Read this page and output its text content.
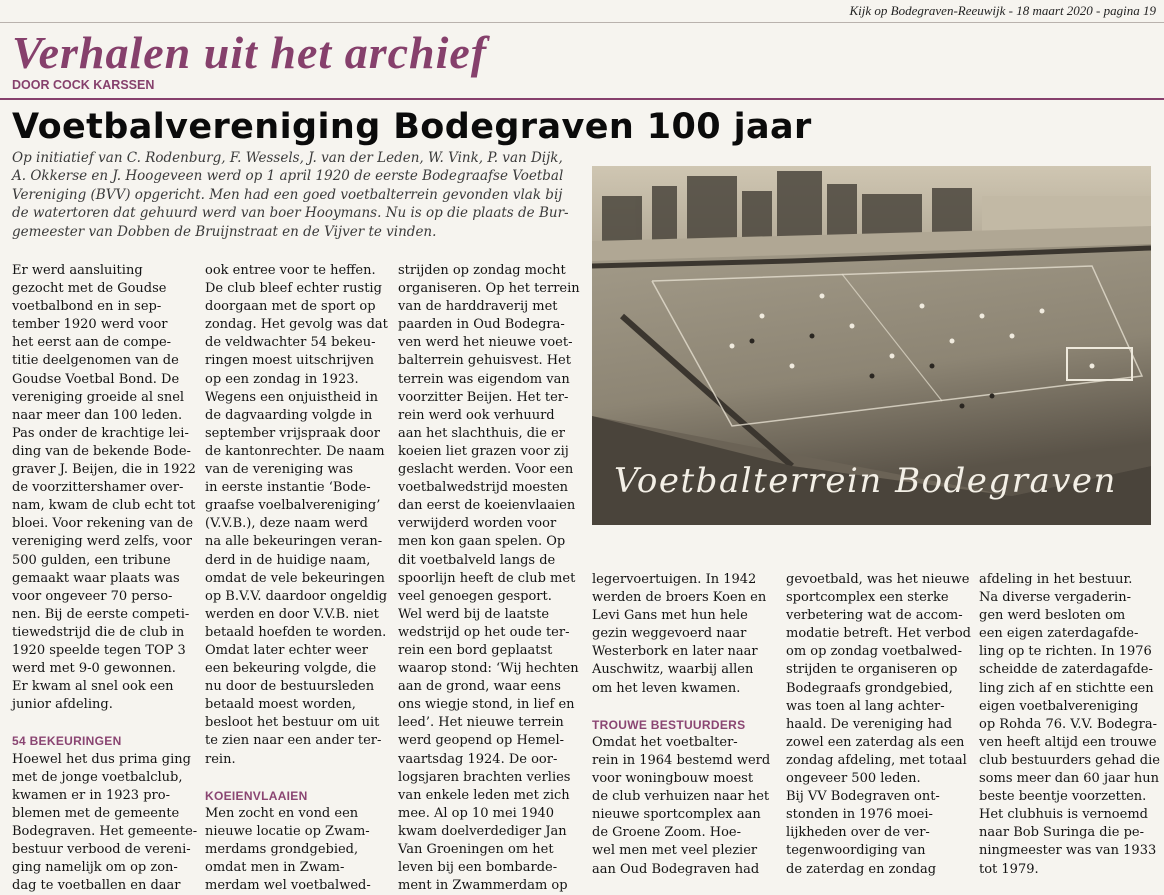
Kijk op Bodegraven-Reeuwijk - 18 maart 2020 - pagina 19
Verhalen uit het archief
DOOR COCK KARSSEN
Voetbalvereniging Bodegraven 100 jaar
Op initiatief van C. Rodenburg, F. Wessels, J. van der Leden, W. Vink, P. van Dijk,
A. Okkerse en J. Hoogeveen werd op 1 april 1920 de eerste Bodegraafse Voetbal
Vereniging (BVV) opgericht. Men had een goed voetbalterrein gevonden vlak bij
de watertoren dat gehuurd werd van boer Hooymans. Nu is op die plaats de Bur-
gemeester van Dobben de Bruijnstraat en de Vijver te vinden.
Voetbalterrein Bodegraven
Er werd aansluiting
gezocht met de Goudse
voetbalbond en in sep-
tember 1920 werd voor
het eerst aan de compe-
titie deelgenomen van de
Goudse Voetbal Bond. De
vereniging groeide al snel
naar meer dan 100 leden.
Pas onder de krachtige lei-
ding van de bekende Bode-
graver J. Beijen, die in 1922
de voorzittershamer over-
nam, kwam de club echt tot
bloei. Voor rekening van de
vereniging werd zelfs, voor
500 gulden, een tribune
gemaakt waar plaats was
voor ongeveer 70 perso-
nen. Bij de eerste competi-
tiewedstrijd die de club in
1920 speelde tegen TOP 3
werd met 9-0 gewonnen.
Er kwam al snel ook een
junior afdeling.

54 BEKEURINGEN
Hoewel het dus prima ging
met de jonge voetbalclub,
kwamen er in 1923 pro-
blemen met de gemeente
Bodegraven. Het gemeente-
bestuur verbood de vereni-
ging namelijk om op zon-
dag te voetballen en daar
ook entree voor te heffen.
De club bleef echter rustig
doorgaan met de sport op
zondag. Het gevolg was dat
de veldwachter 54 bekeu-
ringen moest uitschrijven
op een zondag in 1923.
Wegens een onjuistheid in
de dagvaarding volgde in
september vrijspraak door
de kantonrechter. De naam
van de vereniging was
in eerste instantie ‘Bode-
graafse voelbalvereniging’
(V.V.B.), deze naam werd
na alle bekeuringen veran-
derd in de huidige naam,
omdat de vele bekeuringen
op B.V.V. daardoor ongeldig
werden en door V.V.B. niet
betaald hoefden te worden.
Omdat later echter weer
een bekeuring volgde, die
nu door de bestuursleden
betaald moest worden,
besloot het bestuur om uit
te zien naar een ander ter-
rein.

KOEIENVLAAIEN
Men zocht en vond een
nieuwe locatie op Zwam-
merdams grondgebied,
omdat men in Zwam-
merdam wel voetbalwed-
strijden op zondag mocht
organiseren. Op het terrein
van de harddraverij met
paarden in Oud Bodegra-
ven werd het nieuwe voet-
balterrein gehuisvest. Het
terrein was eigendom van
voorzitter Beijen. Het ter-
rein werd ook verhuurd
aan het slachthuis, die er
koeien liet grazen voor zij
geslacht werden. Voor een
voetbalwedstrijd moesten
dan eerst de koeienvlaaien
verwijderd worden voor
men kon gaan spelen. Op
dit voetbalveld langs de
spoorlijn heeft de club met
veel genoegen gesport.
Wel werd bij de laatste
wedstrijd op het oude ter-
rein een bord geplaatst
waarop stond: ‘Wij hechten
aan de grond, waar eens
ons wiegje stond, in lief en
leed’. Het nieuwe terrein
werd geopend op Hemel-
vaartsdag 1924. De oor-
logsjaren brachten verlies
van enkele leden met zich
mee. Al op 10 mei 1940
kwam doelverdediger Jan
Van Groeningen om het
leven bij een bombarde-
ment in Zwammerdam op
legervoertuigen. In 1942
werden de broers Koen en
Levi Gans met hun hele
gezin weggevoerd naar
Westerbork en later naar
Auschwitz, waarbij allen
om het leven kwamen.

TROUWE BESTUURDERS
Omdat het voetbalter-
rein in 1964 bestemd werd
voor woningbouw moest
de club verhuizen naar het
nieuwe sportcomplex aan
de Groene Zoom. Hoe-
wel men met veel plezier
aan Oud Bodegraven had
gevoetbald, was het nieuwe
sportcomplex een sterke
verbetering wat de accom-
modatie betreft. Het verbod
om op zondag voetbalwed-
strijden te organiseren op
Bodegraafs grondgebied,
was toen al lang achter-
haald. De vereniging had
zowel een zaterdag als een
zondag afdeling, met totaal
ongeveer 500 leden.
Bij VV Bodegraven ont-
stonden in 1976 moei-
lijkheden over de ver-
tegenwoordiging van
de zaterdag en zondag
afdeling in het bestuur.
Na diverse vergaderin-
gen werd besloten om
een eigen zaterdagafde-
ling op te richten. In 1976
scheidde de zaterdagafde-
ling zich af en stichtte een
eigen voetbalvereniging
op Rohda 76. V.V. Bodegra-
ven heeft altijd een trouwe
club bestuurders gehad die
soms meer dan 60 jaar hun
beste beentje voorzetten.
Het clubhuis is vernoemd
naar Bob Suringa die pe-
ningmeester was van 1933
tot 1979.
